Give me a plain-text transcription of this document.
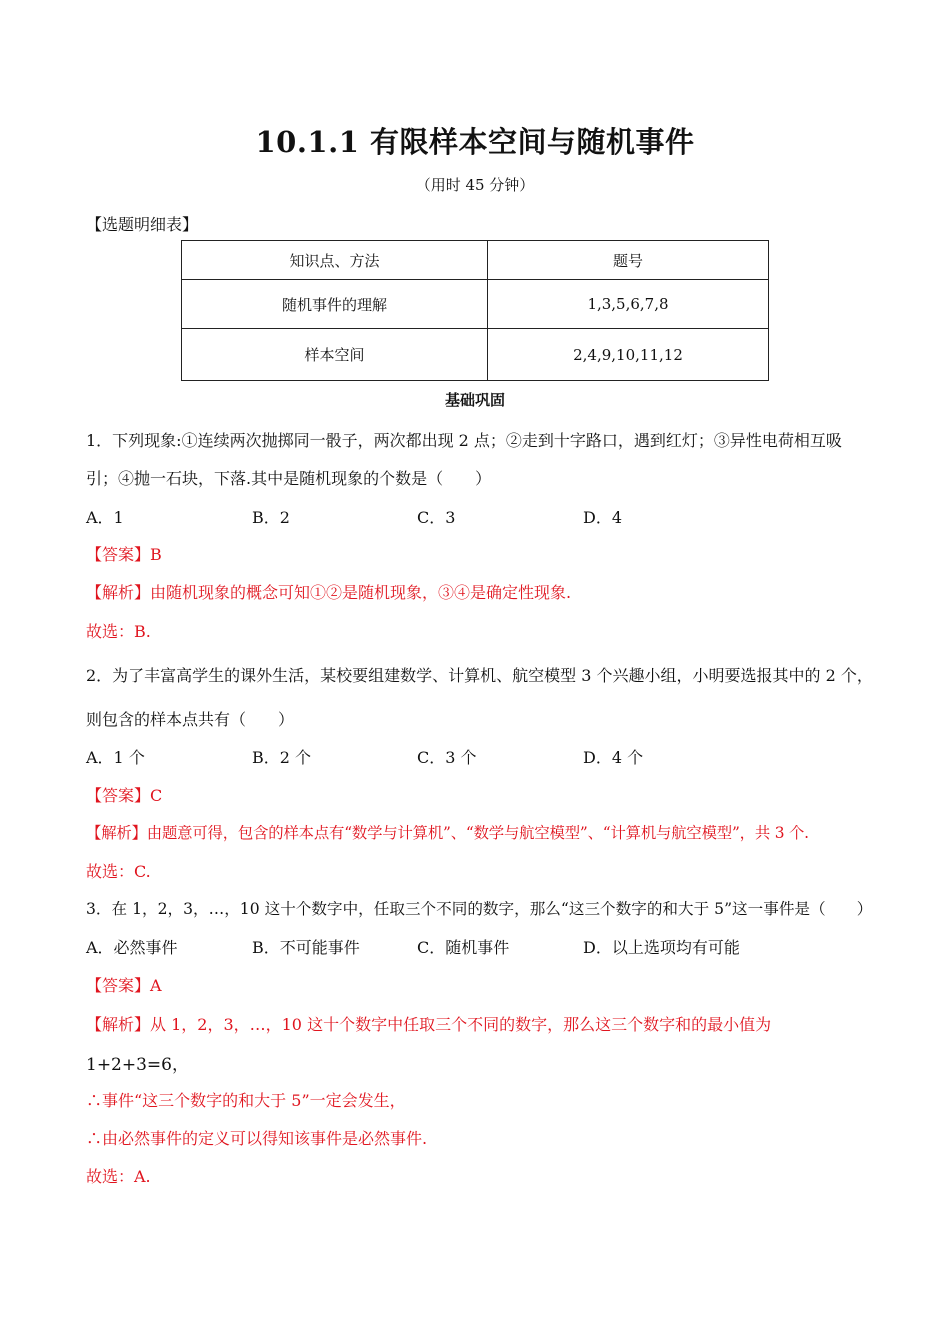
10.1.1 有限样本空间与随机事件
（用时 45 分钟）
【选题明细表】
知识点、方法	题号
随机事件的理解	1,3,5,6,7,8
样本空间	2,4,9,10,11,12
基础巩固
1．下列现象:①连续两次抛掷同一骰子，两次都出现 2 点；②走到十字路口，遇到红灯；③异性电荷相互吸
引；④抛一石块，下落.其中是随机现象的个数是（　　）
A．1	B．2	C．3	D．4
【答案】B
【解析】由随机现象的概念可知①②是随机现象，③④是确定性现象.
故选：B.
2．为了丰富高学生的课外生活，某校要组建数学、计算机、航空模型 3 个兴趣小组，小明要选报其中的 2 个，
则包含的样本点共有（　　）
A．1 个	B．2 个	C．3 个	D．4 个
【答案】C
【解析】由题意可得，包含的样本点有“数学与计算机”、“数学与航空模型”、“计算机与航空模型”，共 3 个.
故选：C.
3．在 1，2，3，…，10 这十个数字中，任取三个不同的数字，那么“这三个数字的和大于 5”这一事件是（　　）
A．必然事件	B．不可能事件	C．随机事件	D．以上选项均有可能
【答案】A
【解析】从 1，2，3，…，10 这十个数字中任取三个不同的数字，那么这三个数字和的最小值为
1+2+3=6，
∴事件“这三个数字的和大于 5”一定会发生，
∴由必然事件的定义可以得知该事件是必然事件.
故选：A.
